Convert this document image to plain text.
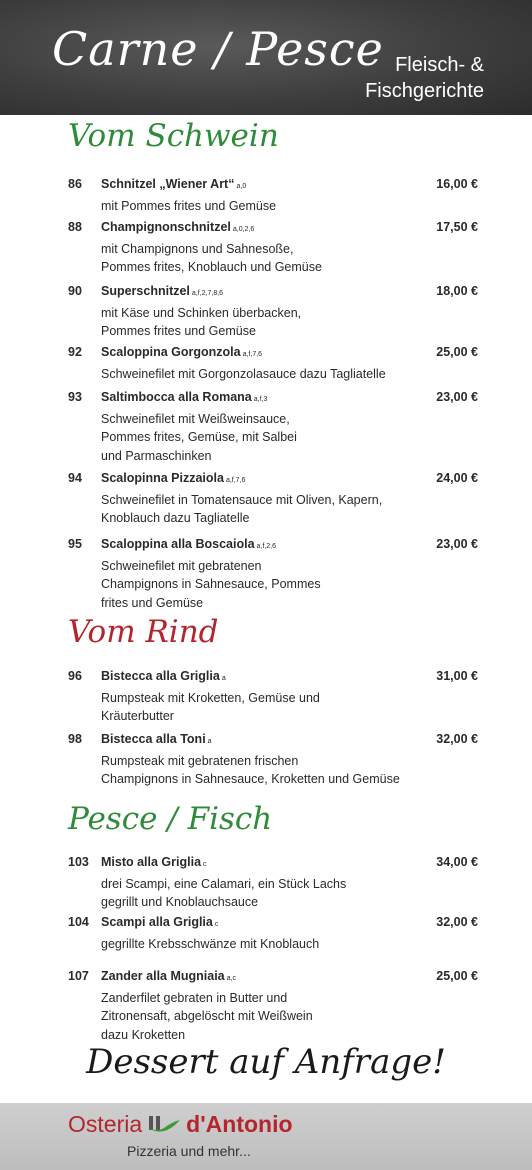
Carne / Pesce Fleisch- &
Fischgerichte
Vom Schwein
86 Schnitzel „Wiener Art“ a,0
mit Pommes frites und Gemüse
16,00 €
88 Champignonschnitzel a,0,2,6
mit Champignons und Sahnesoße,
Pommes frites, Knoblauch und Gemüse
17,50 €
90 Superschnitzel a,f,2,7,8,6
mit Käse und Schinken überbacken,
Pommes frites und Gemüse
18,00 €
92 Scaloppina Gorgonzola a,f,7,6
Schweinefilet mit Gorgonzolasauce dazu Tagliatelle
25,00 €
93 Saltimbocca alla Romana a,f,3
Schweinefilet mit Weißweinsauce,
Pommes frites, Gemüse, mit Salbei
und Parmaschinken
23,00 €
94 Scalopinna Pizzaiola a,f,7,6
Schweinefilet in Tomatensauce mit Oliven, Kapern,
Knoblauch dazu Tagliatelle
24,00 €
95 Scaloppina alla Boscaiola a,f,2,6
Schweinefilet mit gebratenen
Champignons in Sahnesauce, Pommes
frites und Gemüse
23,00 €
Vom Rind
96 Bistecca alla Griglia a
Rumpsteak mit Kroketten, Gemüse und
Kräuterbutter
31,00 €
98 Bistecca alla Toni a
Rumpsteak mit gebratenen frischen
Champignons in Sahnesauce, Kroketten und Gemüse
32,00 €
Pesce / Fisch
103 Misto alla Griglia c
drei Scampi, eine Calamari, ein Stück Lachs
gegrillt und Knoblauchsauce
34,00 €
104 Scampi alla Griglia c
gegrillte Krebsschwänze mit Knoblauch
32,00 €
107 Zander alla Mugniaia a,c
Zanderfilet gebraten in Butter und
Zitronensaft, abgelöscht mit Weißwein
dazu Kroketten
25,00 €
Dessert auf Anfrage!
Osteria d'Antonio
Pizzeria und mehr...
